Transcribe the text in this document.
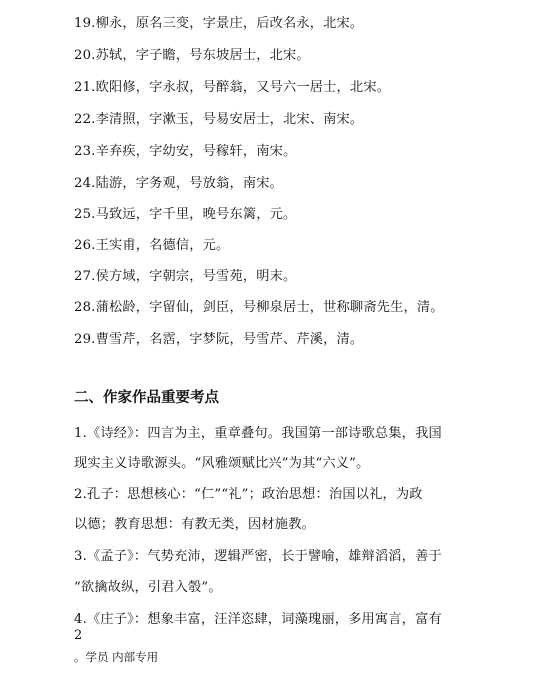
19.柳永，原名三变，字景庄，后改名永，北宋。

20.苏轼，字子瞻，号东坡居士，北宋。

21.欧阳修，字永叔，号醉翁，又号六一居士，北宋。

22.李清照，字漱玉，号易安居士，北宋、南宋。

23.辛弃疾，字幼安，号稼轩，南宋。

24.陆游，字务观，号放翁，南宋。

25.马致远，字千里，晚号东篱，元。

26.王实甫，名德信，元。

27.侯方域，字朝宗，号雪苑，明末。

28.蒲松龄，字留仙，剑臣，号柳泉居士，世称聊斋先生，清。

29.曹雪芹，名霑，字梦阮，号雪芹、芹溪，清。

二、作家作品重要考点

1.《诗经》：四言为主，重章叠句。我国第一部诗歌总集，我国

现实主义诗歌源头。“风雅颂赋比兴”为其“六义”。

2.孔子：思想核心：“仁”“礼”；政治思想：治国以礼，为政

以德；教育思想：有教无类，因材施教。

3.《孟子》：气势充沛，逻辑严密，长于譬喻，雄辩滔滔，善于

“欲擒故纵，引君入彀”。

4.《庄子》：想象丰富，汪洋恣肆，词藻瑰丽，多用寓言，富有

2

。学员 内部专用
